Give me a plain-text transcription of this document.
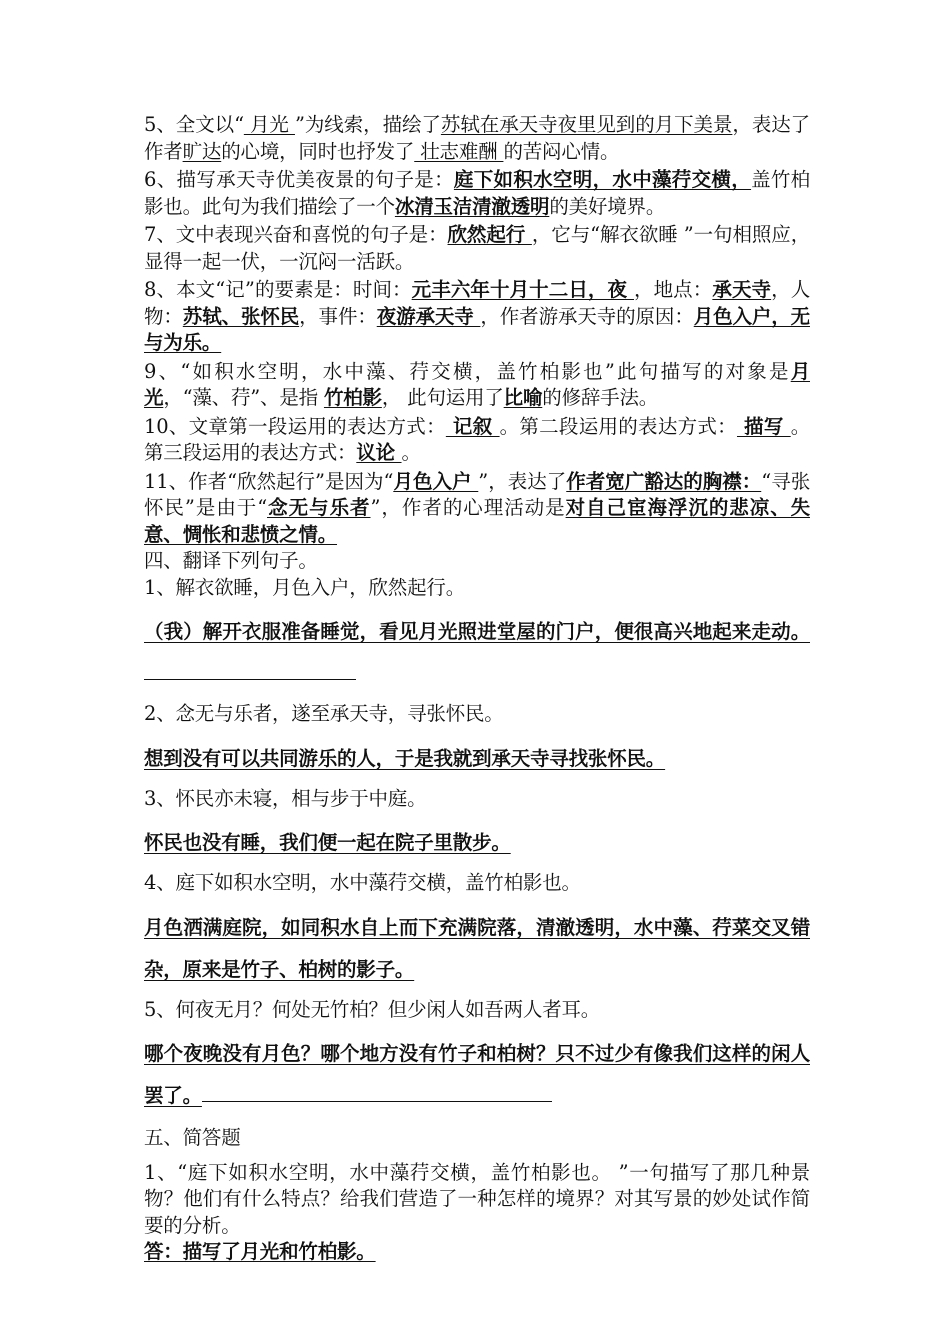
5、全文以“ 月光 ”为线索，描绘了苏轼在承天寺夜里见到的月下美景，表达了作者旷达的心境，同时也抒发了 壮志难酬 的苦闷心情。

6、描写承天寺优美夜景的句子是：庭下如积水空明，水中藻荇交横，盖竹柏影也。此句为我们描绘了一个冰清玉洁清澈透明的美好境界。

7、文中表现兴奋和喜悦的句子是：欣然起行 ，它与“解衣欲睡 ”一句相照应，显得一起一伏，一沉闷一活跃。

8、本文“记”的要素是：时间：元丰六年十月十二日，夜 ，地点：承天寺，人物：苏轼、张怀民，事件：夜游承天寺 ，作者游承天寺的原因：月色入户，无与为乐。

9、“如积水空明，水中藻、荇交横，盖竹柏影也”此句描写的对象是月光，“藻、荇”、是指 竹柏影， 此句运用了比喻的修辞手法。

10、文章第一段运用的表达方式： 记叙 。第二段运用的表达方式： 描写 。第三段运用的表达方式：议论 。

11、作者“欣然起行”是因为“月色入户 ”，表达了作者宽广豁达的胸襟：“寻张怀民”是由于“念无与乐者”，作者的心理活动是对自己宦海浮沉的悲凉、失意、惆怅和悲愤之情。

四、翻译下列句子。

1、解衣欲睡，月色入户，欣然起行。

（我）解开衣服准备睡觉，看见月光照进堂屋的门户，便很高兴地起来走动。

2、念无与乐者，遂至承天寺，寻张怀民。

想到没有可以共同游乐的人，于是我就到承天寺寻找张怀民。

3、怀民亦未寝，相与步于中庭。

怀民也没有睡，我们便一起在院子里散步。

4、庭下如积水空明，水中藻荇交横，盖竹柏影也。

月色洒满庭院，如同积水自上而下充满院落，清澈透明，水中藻、荇菜交叉错杂，原来是竹子、柏树的影子。

5、何夜无月？何处无竹柏？但少闲人如吾两人者耳。

哪个夜晚没有月色？哪个地方没有竹子和柏树？只不过少有像我们这样的闲人罢了。

五、简答题

1、“庭下如积水空明，水中藻荇交横，盖竹柏影也。 ”一句描写了那几种景物？他们有什么特点？给我们营造了一种怎样的境界？对其写景的妙处试作简要的分析。

答：描写了月光和竹柏影。
